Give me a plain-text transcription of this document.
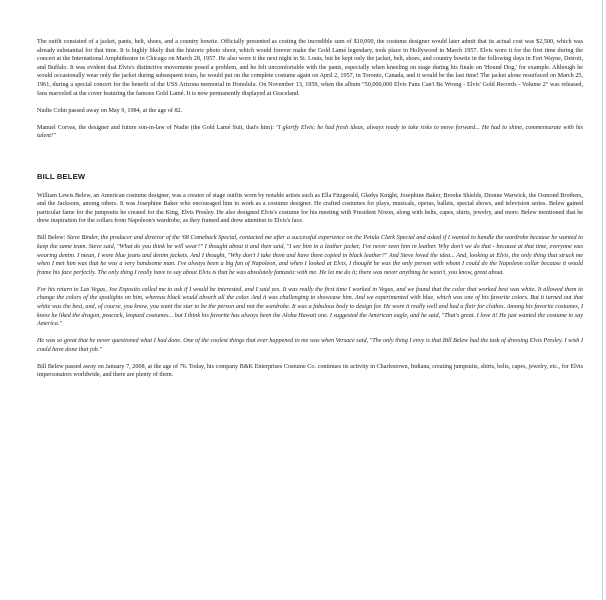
The outfit consisted of a jacket, pants, belt, shoes, and a country bowtie. Officially presented as costing the incredible sum of $10,000, the costume designer would later admit that its actual cost was $2,500, which was already substantial for that time. It is highly likely that the historic photo shoot, which would forever make the Gold Lamé legendary, took place in Hollywood in March 1957. Elvis wore it for the first time during the concert at the International Amphitheatre in Chicago on March 28, 1957. He also wore it the next night in St. Louis, but he kept only the jacket, belt, shoes, and country bowtie in the following days in Fort Wayne, Detroit, and Buffalo. It was evident that Elvis's distinctive movements posed a problem, and he felt uncomfortable with the pants, especially when kneeling on stage during his finale on 'Hound Dog,' for example. Although he would occasionally wear only the jacket during subsequent tours, he would put on the complete costume again on April 2, 1957, in Toronto, Canada, and it would be the last time! The jacket alone resurfaced on March 25, 1961, during a special concert for the benefit of the USS Arizona memorial in Honolulu. On November 13, 1959, when the album "50,000,000 Elvis Fans Can't Be Wrong - Elvis' Gold Records - Volume 2" was released, fans marveled at the cover featuring the famous Gold Lamé. It is now permanently displayed at Graceland.

Nudie Cohn passed away on May 9, 1984, at the age of 82.

Manuel Corvas, the designer and future son-in-law of Nudie (the Gold Lamé Suit, that's him): "I glorify Elvis; he had fresh ideas, always ready to take risks to move forward... He had to shine, commensurate with his talent!"

BILL BELEW

William Lewis Belew, an American costume designer, was a creator of stage outfits worn by notable artists such as Ella Fitzgerald, Gladys Knight, Josephine Baker, Brooke Shields, Dionne Warwick, the Osmond Brothers, and the Jacksons, among others. It was Josephine Baker who encouraged him to work as a costume designer. He crafted costumes for plays, musicals, operas, ballets, special shows, and television series. Belew gained particular fame for the jumpsuits he created for the King, Elvis Presley. He also designed Elvis's costume for his meeting with President Nixon, along with belts, capes, shirts, jewelry, and more. Belew mentioned that he drew inspiration for the collars from Napoleon's wardrobe, as they framed and drew attention to Elvis's face.

Bill Belew: Steve Binder, the producer and director of the '68 Comeback Special, contacted me after a successful experience on the Petula Clark Special and asked if I wanted to handle the wardrobe because he wanted to keep the same team. Steve said, "What do you think he will wear?" I thought about it and then said, "I see him in a leather jacket; I've never seen him in leather. Why don't we do that - because at that time, everyone was wearing denim. I mean, I wore blue jeans and denim jackets. And I thought, "Why don't I take them and have them copied in black leather?" And Steve loved the idea... And, looking at Elvis, the only thing that struck me when I met him was that he was a very handsome man. I've always been a big fan of Napoleon, and when I looked at Elvis, I thought he was the only person with whom I could do the Napoleon collar because it would frame his face perfectly. The only thing I really have to say about Elvis is that he was absolutely fantastic with me. He let me do it; there was never anything he wasn't, you know, great about.

For his return to Las Vegas, Joe Esposito called me to ask if I would be interested, and I said yes. It was really the first time I worked in Vegas, and we found that the color that worked best was white. It allowed them to change the colors of the spotlights on him, whereas black would absorb all the color. And it was challenging to showcase him. And we experimented with blue, which was one of his favorite colors. But it turned out that white was the best, and, of course, you know, you want the star to be the person and not the wardrobe. It was a fabulous body to design for. He wore it really well and had a flair for clothes. Among his favorite costumes, I know he liked the dragon, peacock, leopard costumes... but I think his favorite has always been the Aloha Hawaii one. I suggested the American eagle, and he said, "That's great. I love it! He just wanted the costume to say America."

He was so great that he never questioned what I had done. One of the coolest things that ever happened to me was when Versace said, "The only thing I envy is that Bill Belew had the task of dressing Elvis Presley. I wish I could have done that job."

Bill Belew passed away on January 7, 2008, at the age of 76. Today, his company B&K Enterprises Costume Co. continues its activity in Charlestown, Indiana, creating jumpsuits, shirts, belts, capes, jewelry, etc., for Elvis impersonators worldwide, and there are plenty of them.
